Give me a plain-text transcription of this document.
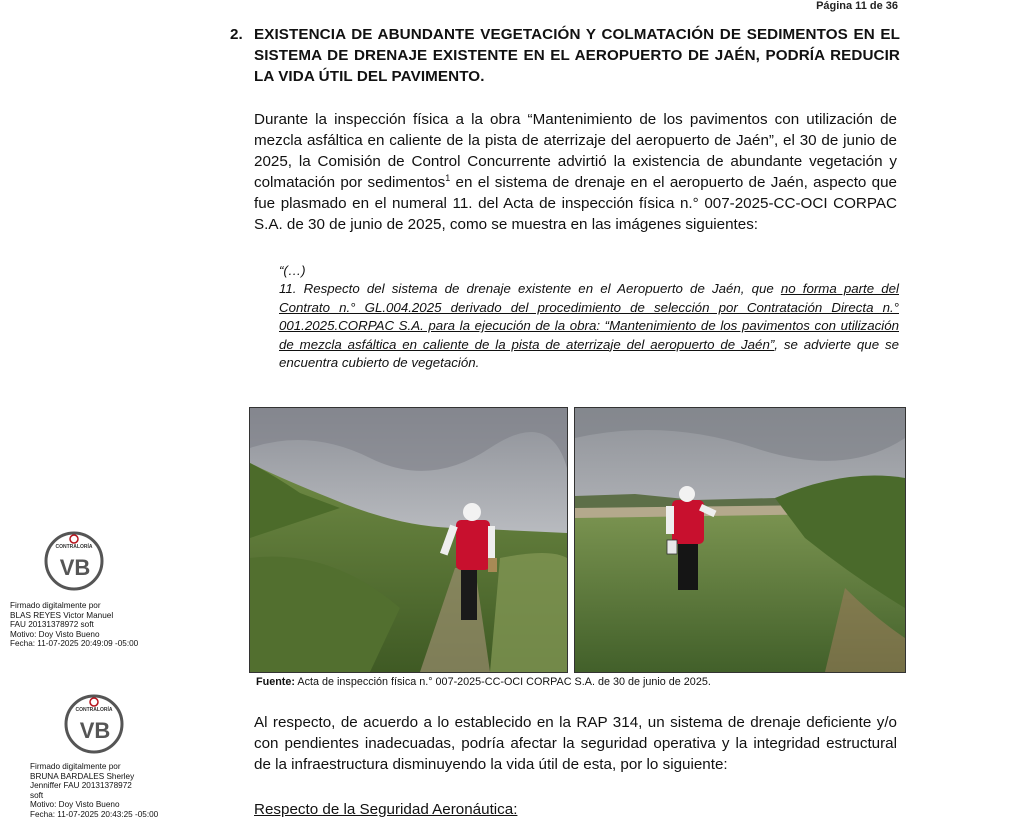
Página 11 de 36
2. EXISTENCIA DE ABUNDANTE VEGETACIÓN Y COLMATACIÓN DE SEDIMENTOS EN EL SISTEMA DE DRENAJE EXISTENTE EN EL AEROPUERTO DE JAÉN, PODRÍA REDUCIR LA VIDA ÚTIL DEL PAVIMENTO.
Durante la inspección física a la obra “Mantenimiento de los pavimentos con utilización de mezcla asfáltica en caliente de la pista de aterrizaje del aeropuerto de Jaén”, el 30 de junio de 2025, la Comisión de Control Concurrente advirtió la existencia de abundante vegetación y colmatación por sedimentos$^1$ en el sistema de drenaje en el aeropuerto de Jaén, aspecto que fue plasmado en el numeral 11. del Acta de inspección física n.° 007-2025-CC-OCI CORPAC S.A. de 30 de junio de 2025, como se muestra en las imágenes siguientes:
“(…)
11. Respecto del sistema de drenaje existente en el Aeropuerto de Jaén, que no forma parte del Contrato n.° GL.004.2025 derivado del procedimiento de selección por Contratación Directa n.° 001.2025.CORPAC S.A. para la ejecución de la obra: “Mantenimiento de los pavimentos con utilización de mezcla asfáltica en caliente de la pista de aterrizaje del aeropuerto de Jaén”, se advierte que se encuentra cubierto de vegetación.
Fuente: Acta de inspección física n.° 007-2025-CC-OCI CORPAC S.A. de 30 de junio de 2025.
Al respecto, de acuerdo a lo establecido en la RAP 314, un sistema de drenaje deficiente y/o con pendientes inadecuadas, podría afectar la seguridad operativa y la integridad estructural de la infraestructura disminuyendo la vida útil de esta, por lo siguiente:
Respecto de la Seguridad Aeronáutica:
CONTRALORÍA
VB
Firmado digitalmente por
BLAS REYES Victor Manuel
FAU 20131378972 soft
Motivo: Doy Visto Bueno
Fecha: 11-07-2025 20:49:09 -05:00
CONTRALORÍA
VB
Firmado digitalmente por
BRUNA BARDALES Sherley
Jenniffer FAU 20131378972
soft
Motivo: Doy Visto Bueno
Fecha: 11-07-2025 20:43:25 -05:00
